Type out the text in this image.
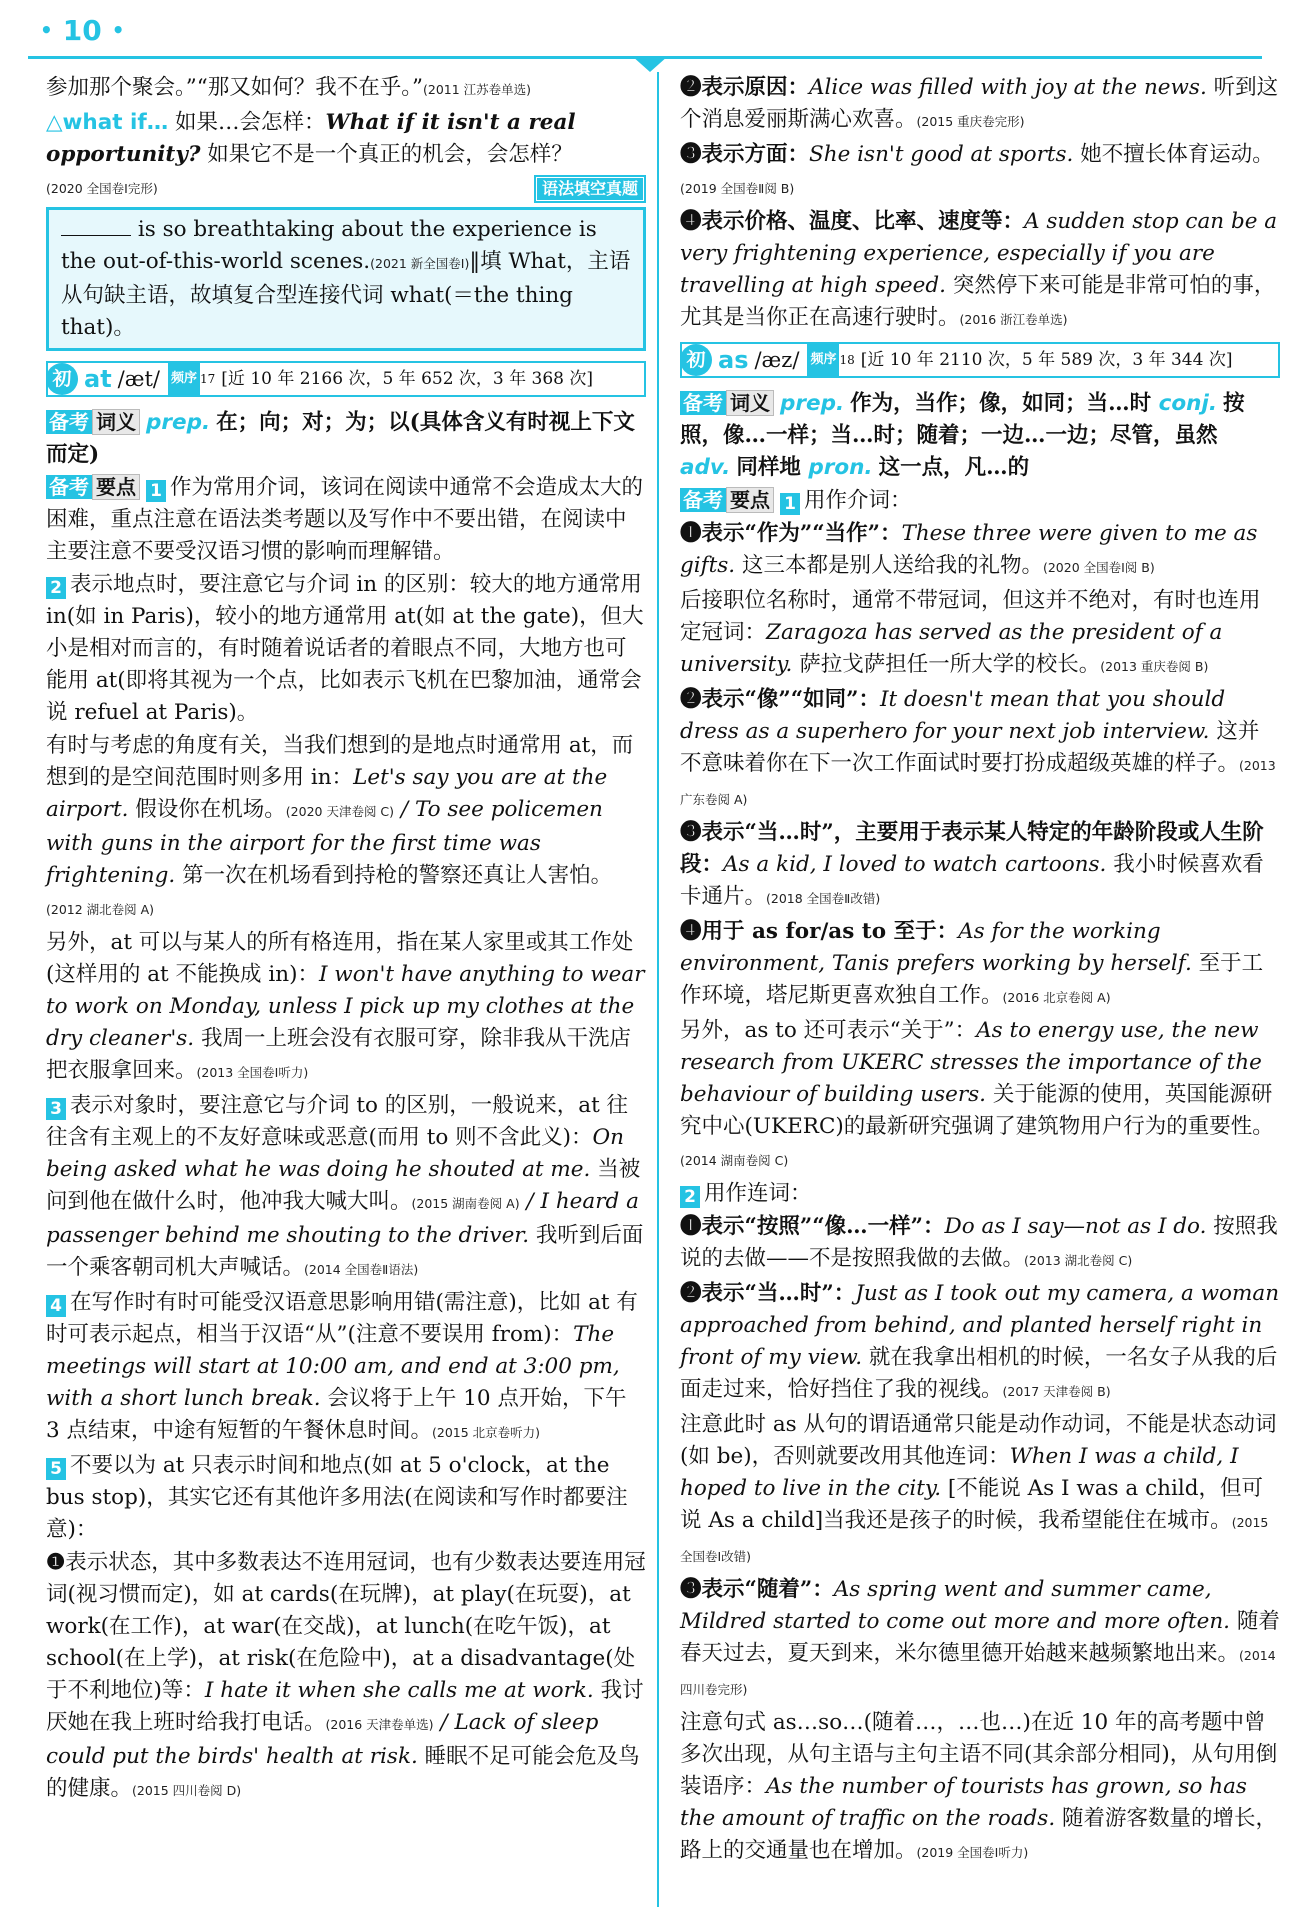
• 10 •

参加那个聚会。”“那又如何？我不在乎。”(2011 江苏卷单选)

△what if… 如果…会怎样：What if it isn't a real opportunity? 如果它不是一个真正的机会，会怎样？

(2020 全国卷Ⅰ完形)	语法填空真题
is so breathtaking about the experience is the out-of-this-world scenes.(2021 新全国卷Ⅰ)‖填 What，主语从句缺主语，故填复合型连接代词 what(＝the thing that)。
初 at /æt/ 频序 17 [近 10 年 2166 次，5 年 652 次，3 年 368 次]

备考 词义 prep. 在；向；对；为；以(具体含义有时视上下文而定)

备考 要点 1 作为常用介词，该词在阅读中通常不会造成太大的困难，重点注意在语法类考题以及写作中不要出错，在阅读中主要注意不要受汉语习惯的影响而理解错。

2 表示地点时，要注意它与介词 in 的区别：较大的地方通常用 in(如 in Paris)，较小的地方通常用 at(如 at the gate)，但大小是相对而言的，有时随着说话者的着眼点不同，大地方也可能用 at(即将其视为一个点，比如表示飞机在巴黎加油，通常会说 refuel at Paris)。

有时与考虑的角度有关，当我们想到的是地点时通常用 at，而想到的是空间范围时则多用 in：Let's say you are at the airport. 假设你在机场。(2020 天津卷阅 C) / To see policemen with guns in the airport for the first time was frightening. 第一次在机场看到持枪的警察还真让人害怕。(2012 湖北卷阅 A)

另外，at 可以与某人的所有格连用，指在某人家里或其工作处(这样用的 at 不能换成 in)：I won't have anything to wear to work on Monday, unless I pick up my clothes at the dry cleaner's. 我周一上班会没有衣服可穿，除非我从干洗店把衣服拿回来。(2013 全国卷Ⅰ听力)

3 表示对象时，要注意它与介词 to 的区别，一般说来，at 往往含有主观上的不友好意味或恶意(而用 to 则不含此义)：On being asked what he was doing he shouted at me. 当被问到他在做什么时，他冲我大喊大叫。(2015 湖南卷阅 A) / I heard a passenger behind me shouting to the driver. 我听到后面一个乘客朝司机大声喊话。(2014 全国卷Ⅱ语法)

4 在写作时有时可能受汉语意思影响用错(需注意)，比如 at 有时可表示起点，相当于汉语“从”(注意不要误用 from)：The meetings will start at 10:00 am, and end at 3:00 pm, with a short lunch break. 会议将于上午 10 点开始，下午 3 点结束，中途有短暂的午餐休息时间。(2015 北京卷听力)

5 不要以为 at 只表示时间和地点(如 at 5 o'clock，at the bus stop)，其实它还有其他许多用法(在阅读和写作时都要注意)：

❶表示状态，其中多数表达不连用冠词，也有少数表达要连用冠词(视习惯而定)，如 at cards(在玩牌)，at play(在玩耍)，at work(在工作)，at war(在交战)，at lunch(在吃午饭)，at school(在上学)，at risk(在危险中)，at a disadvantage(处于不利地位)等：I hate it when she calls me at work. 我讨厌她在我上班时给我打电话。(2016 天津卷单选) / Lack of sleep could put the birds' health at risk. 睡眠不足可能会危及鸟的健康。(2015 四川卷阅 D)

❷表示原因：Alice was filled with joy at the news. 听到这个消息爱丽斯满心欢喜。(2015 重庆卷完形)

❸表示方面：She isn't good at sports. 她不擅长体育运动。(2019 全国卷Ⅱ阅 B)

❹表示价格、温度、比率、速度等：A sudden stop can be a very frightening experience, especially if you are travelling at high speed. 突然停下来可能是非常可怕的事，尤其是当你正在高速行驶时。(2016 浙江卷单选)

初 as /æz/ 频序 18 [近 10 年 2110 次，5 年 589 次，3 年 344 次]

备考 词义 prep. 作为，当作；像，如同；当…时 conj. 按照，像…一样；当…时；随着；一边…一边；尽管，虽然 adv. 同样地 pron. 这一点，凡…的

备考 要点 1 用作介词：

❶表示“作为”“当作”：These three were given to me as gifts. 这三本都是别人送给我的礼物。(2020 全国卷Ⅰ阅 B)

后接职位名称时，通常不带冠词，但这并不绝对，有时也连用定冠词：Zaragoza has served as the president of a university. 萨拉戈萨担任一所大学的校长。(2013 重庆卷阅 B)

❷表示“像”“如同”：It doesn't mean that you should dress as a superhero for your next job interview. 这并不意味着你在下一次工作面试时要打扮成超级英雄的样子。(2013 广东卷阅 A)

❸表示“当…时”，主要用于表示某人特定的年龄阶段或人生阶段：As a kid, I loved to watch cartoons. 我小时候喜欢看卡通片。(2018 全国卷Ⅱ改错)

❹用于 as for/as to 至于：As for the working environment, Tanis prefers working by herself. 至于工作环境，塔尼斯更喜欢独自工作。(2016 北京卷阅 A)

另外，as to 还可表示“关于”：As to energy use, the new research from UKERC stresses the importance of the behaviour of building users. 关于能源的使用，英国能源研究中心(UKERC)的最新研究强调了建筑物用户行为的重要性。(2014 湖南卷阅 C)

2 用作连词：

❶表示“按照”“像…一样”：Do as I say—not as I do. 按照我说的去做——不是按照我做的去做。(2013 湖北卷阅 C)

❷表示“当…时”：Just as I took out my camera, a woman approached from behind, and planted herself right in front of my view. 就在我拿出相机的时候，一名女子从我的后面走过来，恰好挡住了我的视线。(2017 天津卷阅 B)

注意此时 as 从句的谓语通常只能是动作动词，不能是状态动词(如 be)，否则就要改用其他连词：When I was a child, I hoped to live in the city. [不能说 As I was a child，但可说 As a child]当我还是孩子的时候，我希望能住在城市。(2015 全国卷Ⅰ改错)

❸表示“随着”：As spring went and summer came, Mildred started to come out more and more often. 随着春天过去，夏天到来，米尔德里德开始越来越频繁地出来。(2014 四川卷完形)

注意句式 as…so…(随着…，…也…)在近 10 年的高考题中曾多次出现，从句主语与主句主语不同(其余部分相同)，从句用倒装语序：As the number of tourists has grown, so has the amount of traffic on the roads. 随着游客数量的增长，路上的交通量也在增加。(2019 全国卷Ⅰ听力)
